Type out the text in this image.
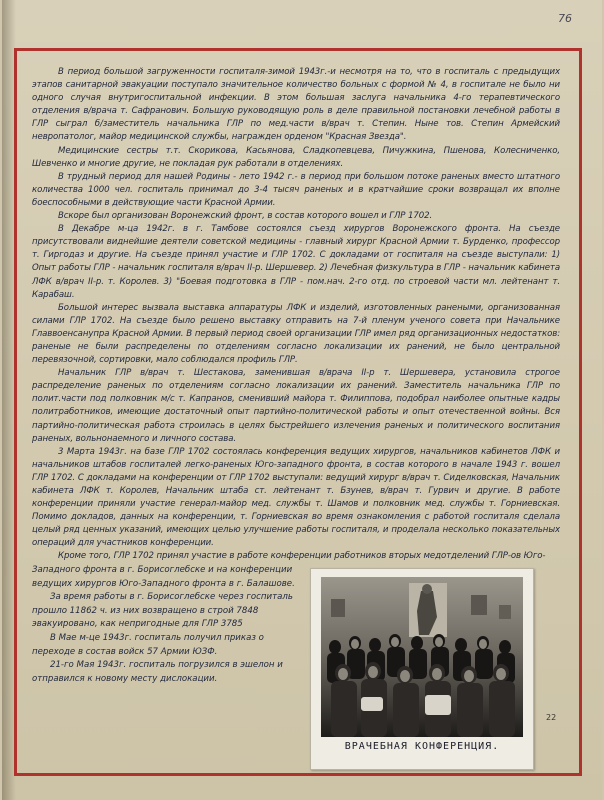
76

В период большой загруженности госпиталя-зимой 1943г.-и несмотря на то, что в госпиталь с предыдущих этапов санитарной эвакуации поступало значительное количество больных с формой № 4, в госпитале не было ни одного случая внутригоспитальной инфекции. В этом большая заслуга начальника 4-го терапевтического отделения в/врача т. Сафранович. Большую руководящую роль в деле правильной постановки лечебной работы в ГЛР сыграл б/заместитель начальника ГЛР по мед.части в/врач т. Степин. Ныне тов. Степин Армейский невропатолог, майор медицинской службы, награжден орденом "Красная Звезда".

Медицинские сестры т.т. Скорикова, Касьянова, Сладкопевцева, Пичужкина, Пшенова, Колесниченко, Шевченко и многие другие, не покладая рук работали в отделениях.

В трудный период для нашей Родины - лето 1942 г.- в период при большом потоке раненых вместо штатного количества 1000 чел. госпиталь принимал до 3-4 тысяч раненых и в кратчайшие сроки возвращал их вполне боеспособными в действующие части Красной Армии.

Вскоре был организован Воронежский фронт, в состав которого вошел и ГЛР 1702.

В Декабре м-ца 1942г. в г. Тамбове состоялся съезд хирургов Воронежского фронта. На съезде присутствовали виднейшие деятели советской медицины - главный хирург Красной Армии т. Бурденко, профессор т. Гиргодаз и другие. На съезде принял участие и ГЛР 1702. С докладами от госпиталя на съезде выступали: 1) Опыт работы ГЛР - начальник госпиталя в/врач II-р. Шершевер. 2) Лечебная физкультура в ГЛР - начальник кабинета ЛФК в/врач II-р. т. Королев. 3) "Боевая подготовка в ГЛР - пом.нач. 2-го отд. по строевой части мл. лейтенант т. Карабаш.

Большой интерес вызвала выставка аппаратуры ЛФК и изделий, изготовленных ранеными, организованная силами ГЛР 1702. На съезде было решено выставку отправить на 7-й пленум ученого совета при Начальнике Главвоенсанупра Красной Армии. В первый период своей организации ГЛР имел ряд организационных недостатков: раненые не были распределены по отделениям согласно локализации их ранений, не было центральной перевязочной, сортировки, мало соблюдался профиль ГЛР.

Начальник ГЛР в/врач т. Шестакова, заменившая в/врача II-р т. Шершевера, установила строгое распределение раненых по отделениям согласно локализации их ранений. Заместитель начальника ГЛР по полит.части под полковник м/с т. Капранов, сменивший майора т. Филиппова, подобрал наиболее опытные кадры политработников, имеющие достаточный опыт партийно-политической работы и опыт отечественной войны. Вся партийно-политическая работа строилась в целях быстрейшего излечения раненых и политического воспитания раненых, вольнонаемного и личного состава.

3 Марта 1943г. на базе ГЛР 1702 состоялась конференция ведущих хирургов, начальников кабинетов ЛФК и начальников штабов госпиталей легко-раненых Юго-западного фронта, в состав которого в начале 1943 г. вошел ГЛР 1702. С докладами на конференции от ГЛР 1702 выступали: ведущий хирург в/врач т. Сиделковская, Начальник кабинета ЛФК т. Королев, Начальник штаба ст. лейтенант т. Бзунев, в/врач т. Гурвич и другие. В работе конференции приняли участие генерал-майор мед. службы т. Шамов и полковник мед. службы т. Горниевская. Помимо докладов, данных на конференции, т. Горниевская во время ознакомления с работой госпиталя сделала целый ряд ценных указаний, имеющих целью улучшение работы госпиталя, и проделала несколько показательных операций для участников конференции.

Кроме того, ГЛР 1702 принял участие в работе конференции работников вторых медотделений ГЛР-ов Юго-

Западного фронта в г. Борисоглебске и на конференции ведущих хирургов Юго-Западного фронта в г. Балашове.

За время работы в г. Борисоглебске через госпиталь прошло 11862 ч. из них возвращено в строй 7848 эвакуировано, как непригодные для ГЛР 3785

В Мае м-це 1943г. госпиталь получил приказ о переходе в состав войск 57 Армии ЮЗФ.

21-го Мая 1943г. госпиталь погрузился в эшелон и отправился к новому месту дислокации.

ВРАЧЕБНАЯ КОНФЕРЕНЦИЯ.
22
